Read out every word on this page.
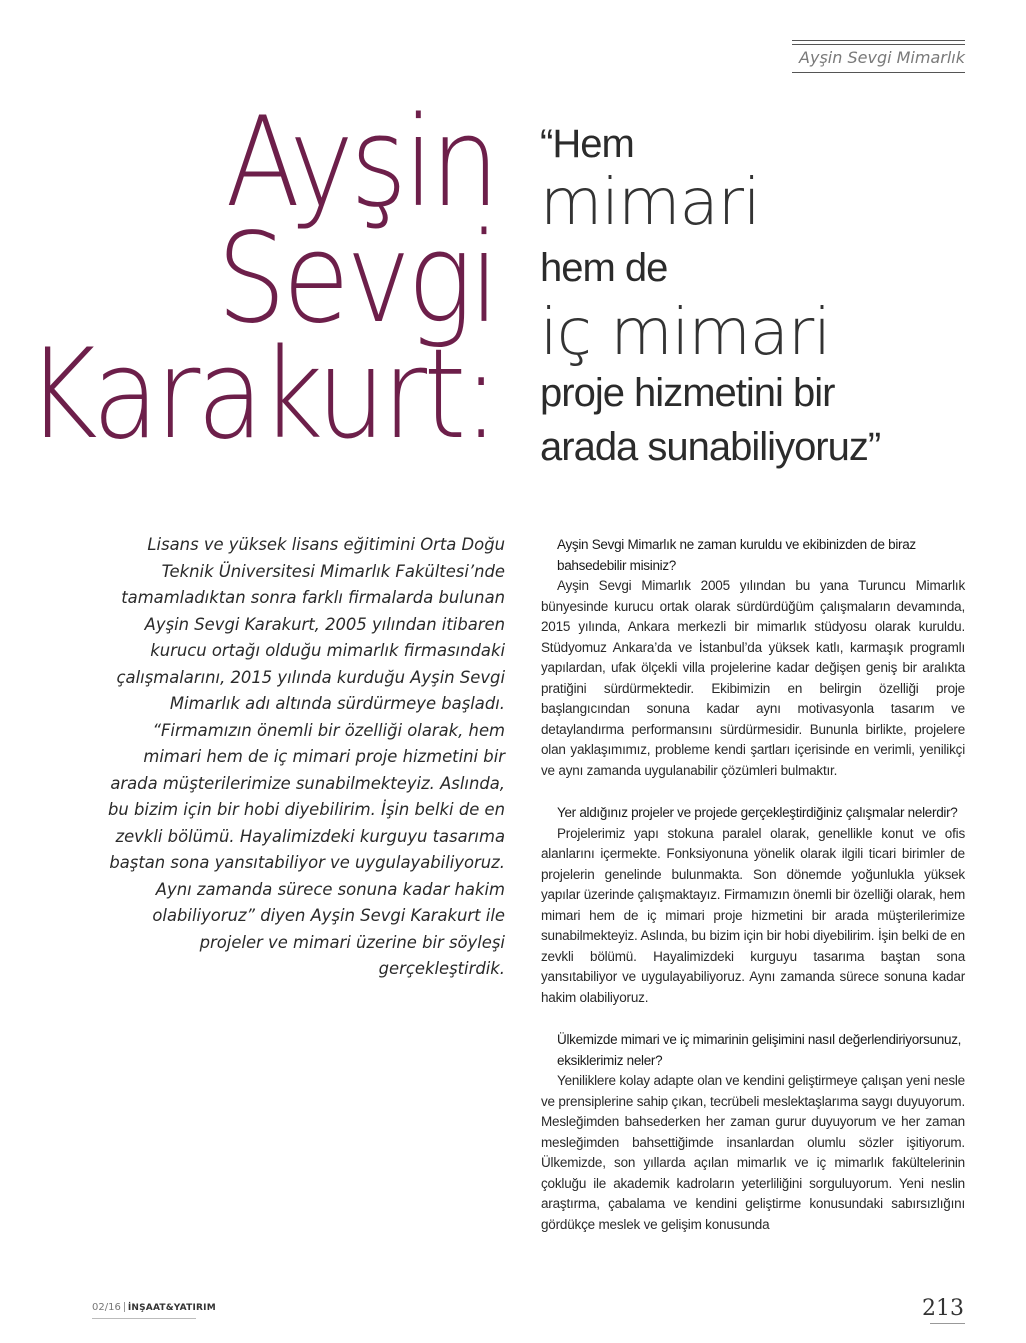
Ayşin Sevgi Mimarlık
Ayşin
Sevgi
Karakurt:
“Hem
mimari
hem de
iç mimari
proje hizmetini bir
arada sunabiliyoruz”
Lisans ve yüksek lisans eğitimini Orta Doğu Teknik Üniversitesi Mimarlık Fakültesi’nde tamamladıktan sonra farklı firmalarda bulunan Ayşin Sevgi Karakurt, 2005 yılından itibaren kurucu ortağı olduğu mimarlık firmasındaki çalışmalarını, 2015 yılında kurduğu Ayşin Sevgi Mimarlık adı altında sürdürmeye başladı. “Firmamızın önemli bir özelliği olarak, hem mimari hem de iç mimari proje hizmetini bir arada müşterilerimize sunabilmekteyiz. Aslında, bu bizim için bir hobi diyebilirim. İşin belki de en zevkli bölümü. Hayalimizdeki kurguyu tasarıma baştan sona yansıtabiliyor ve uygulayabiliyoruz. Aynı zamanda sürece sonuna kadar hakim olabiliyoruz” diyen Ayşin Sevgi Karakurt ile projeler ve mimari üzerine bir söyleşi gerçekleştirdik.
Ayşin Sevgi Mimarlık ne zaman kuruldu ve ekibinizden de biraz bahsedebilir misiniz?
Ayşin Sevgi Mimarlık 2005 yılından bu yana Turuncu Mimarlık bünyesinde kurucu ortak olarak sürdürdüğüm çalışmaların devamında, 2015 yılında, Ankara merkezli bir mimarlık stüdyosu olarak kuruldu. Stüdyomuz Ankara’da ve İstanbul’da yüksek katlı, karmaşık programlı yapılardan, ufak ölçekli villa projelerine kadar değişen geniş bir aralıkta pratiğini sürdürmektedir. Ekibimizin en belirgin özelliği proje başlangıcından sonuna kadar aynı motivasyonla tasarım ve detaylandırma performansını sürdürmesidir. Bununla birlikte, projelere olan yaklaşımımız, probleme kendi şartları içerisinde en verimli, yenilikçi ve aynı zamanda uygulanabilir çözümleri bulmaktır.
Yer aldığınız projeler ve projede gerçekleştirdiğiniz çalışmalar nelerdir?
Projelerimiz yapı stokuna paralel olarak, genellikle konut ve ofis alanlarını içermekte. Fonksiyonuna yönelik olarak ilgili ticari birimler de projelerin genelinde bulunmakta. Son dönemde yoğunlukla yüksek yapılar üzerinde çalışmaktayız. Firmamızın önemli bir özelliği olarak, hem mimari hem de iç mimari proje hizmetini bir arada müşterilerimize sunabilmekteyiz. Aslında, bu bizim için bir hobi diyebilirim. İşin belki de en zevkli bölümü. Hayalimizdeki kurguyu tasarıma baştan sona yansıtabiliyor ve uygulayabiliyoruz. Aynı zamanda sürece sonuna kadar hakim olabiliyoruz.
Ülkemizde mimari ve iç mimarinin gelişimini nasıl değerlendiriyorsunuz, eksiklerimiz neler?
Yeniliklere kolay adapte olan ve kendini geliştirmeye çalışan yeni nesle ve prensiplerine sahip çıkan, tecrübeli meslektaşlarıma saygı duyuyorum. Mesleğimden bahsederken her zaman gurur duyuyorum ve her zaman mesleğimden bahsettiğimde insanlardan olumlu sözler işitiyorum. Ülkemizde, son yıllarda açılan mimarlık ve iç mimarlık fakültelerinin çokluğu ile akademik kadroların yeterliliğini sorguluyorum. Yeni neslin araştırma, çabalama ve kendini geliştirme konusundaki sabırsızlığını gördükçe meslek ve gelişim konusunda
02/16 İNŞAAT&YATIRIM	213
